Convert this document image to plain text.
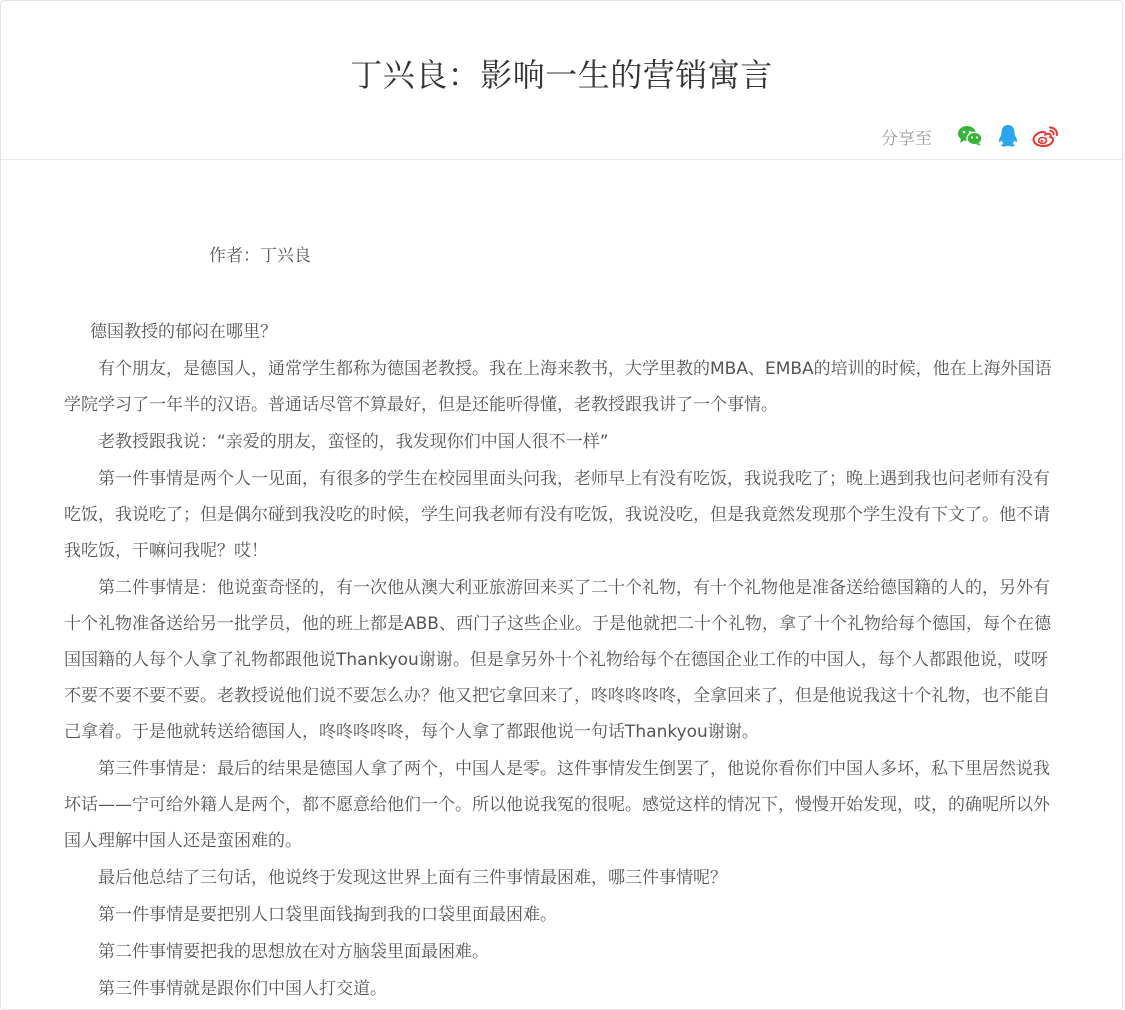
丁兴良：影响一生的营销寓言
分享至
作者：丁兴良

德国教授的郁闷在哪里？

有个朋友，是德国人，通常学生都称为德国老教授。我在上海来教书，大学里教的MBA、EMBA的培训的时候，他在上海外国语学院学习了一年半的汉语。普通话尽管不算最好，但是还能听得懂，老教授跟我讲了一个事情。

老教授跟我说：“亲爱的朋友，蛮怪的，我发现你们中国人很不一样”

第一件事情是两个人一见面，有很多的学生在校园里面头问我，老师早上有没有吃饭，我说我吃了；晚上遇到我也问老师有没有吃饭，我说吃了；但是偶尔碰到我没吃的时候，学生问我老师有没有吃饭，我说没吃，但是我竟然发现那个学生没有下文了。他不请我吃饭，干嘛问我呢？哎！

第二件事情是：他说蛮奇怪的，有一次他从澳大利亚旅游回来买了二十个礼物，有十个礼物他是准备送给德国籍的人的，另外有十个礼物准备送给另一批学员，他的班上都是ABB、西门子这些企业。于是他就把二十个礼物，拿了十个礼物给每个德国，每个在德国国籍的人每个人拿了礼物都跟他说Thankyou谢谢。但是拿另外十个礼物给每个在德国企业工作的中国人，每个人都跟他说，哎呀不要不要不要不要。老教授说他们说不要怎么办？他又把它拿回来了，咚咚咚咚咚，全拿回来了，但是他说我这十个礼物，也不能自己拿着。于是他就转送给德国人，咚咚咚咚咚，每个人拿了都跟他说一句话Thankyou谢谢。

第三件事情是：最后的结果是德国人拿了两个，中国人是零。这件事情发生倒罢了，他说你看你们中国人多坏，私下里居然说我坏话——宁可给外籍人是两个，都不愿意给他们一个。所以他说我冤的很呢。感觉这样的情况下，慢慢开始发现，哎，的确呢所以外国人理解中国人还是蛮困难的。

最后他总结了三句话，他说终于发现这世界上面有三件事情最困难，哪三件事情呢？

第一件事情是要把别人口袋里面钱掏到我的口袋里面最困难。

第二件事情要把我的思想放在对方脑袋里面最困难。

第三件事情就是跟你们中国人打交道。
